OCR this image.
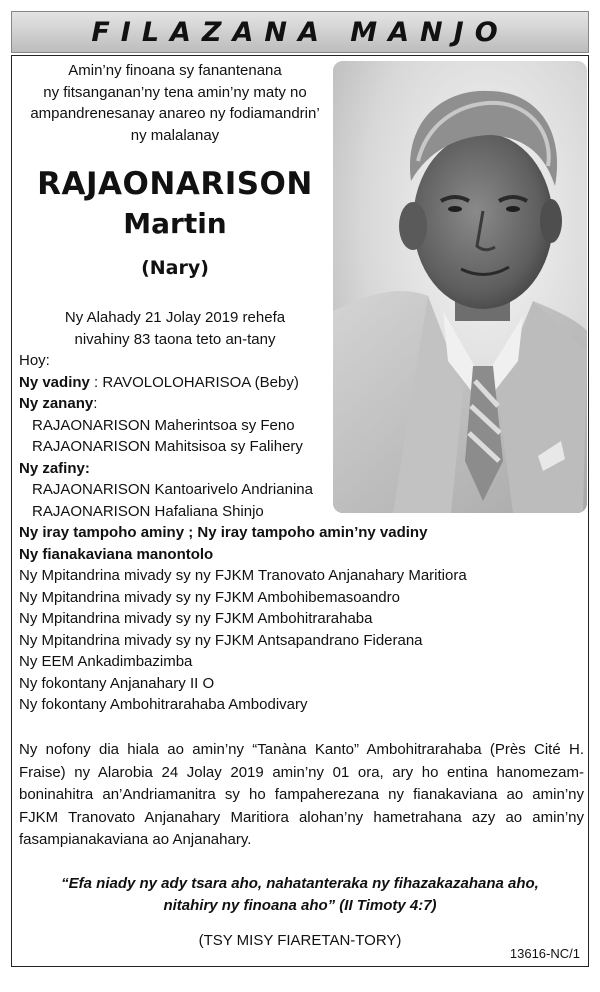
FILAZANA MANJO
Amin’ny finoana sy fanantenana
ny fitsanganan’ny tena amin’ny maty no
ampandrenesanay anareo ny fodiamandrin’
ny malalanay
RAJAONARISON
Martin
(Nary)
Ny Alahady 21 Jolay 2019 rehefa
nivahiny 83 taona teto an-tany
Hoy:
Ny vadiny : RAVOLOLOHARISOA (Beby)
Ny zanany:
RAJAONARISON Maherintsoa sy Feno
RAJAONARISON Mahitsisoa sy Falihery
Ny zafiny:
RAJAONARISON Kantoarivelo Andrianina
RAJAONARISON Hafaliana Shinjo
Ny iray tampoho aminy ; Ny iray tampoho amin’ny vadiny
Ny fianakaviana manontolo
Ny Mpitandrina mivady sy ny FJKM Tranovato Anjanahary Maritiora
Ny Mpitandrina mivady sy ny FJKM Ambohibemasoandro
Ny Mpitandrina mivady sy ny FJKM Ambohitrarahaba
Ny Mpitandrina mivady sy ny FJKM Antsapandrano Fiderana
Ny EEM Ankadimbazimba
Ny fokontany Anjanahary II O
Ny fokontany Ambohitrarahaba Ambodivary
Ny nofony dia hiala ao amin’ny “Tanàna Kanto” Ambohitrarahaba (Près Cité H. Fraise) ny Alarobia 24 Jolay 2019 amin’ny 01 ora, ary ho entina hanomezam-boninahitra an’Andriamanitra sy ho fampaherezana ny fianakaviana ao amin’ny FJKM Tranovato Anjanahary Maritiora alohan’ny hametrahana azy ao amin’ny fasampianakaviana ao Anjanahary.
“Efa niady ny ady tsara aho, nahatanteraka ny fihazakazahana aho,
nitahiry ny finoana aho” (II Timoty 4:7)
(TSY MISY FIARETAN-TORY)
13616-NC/1
